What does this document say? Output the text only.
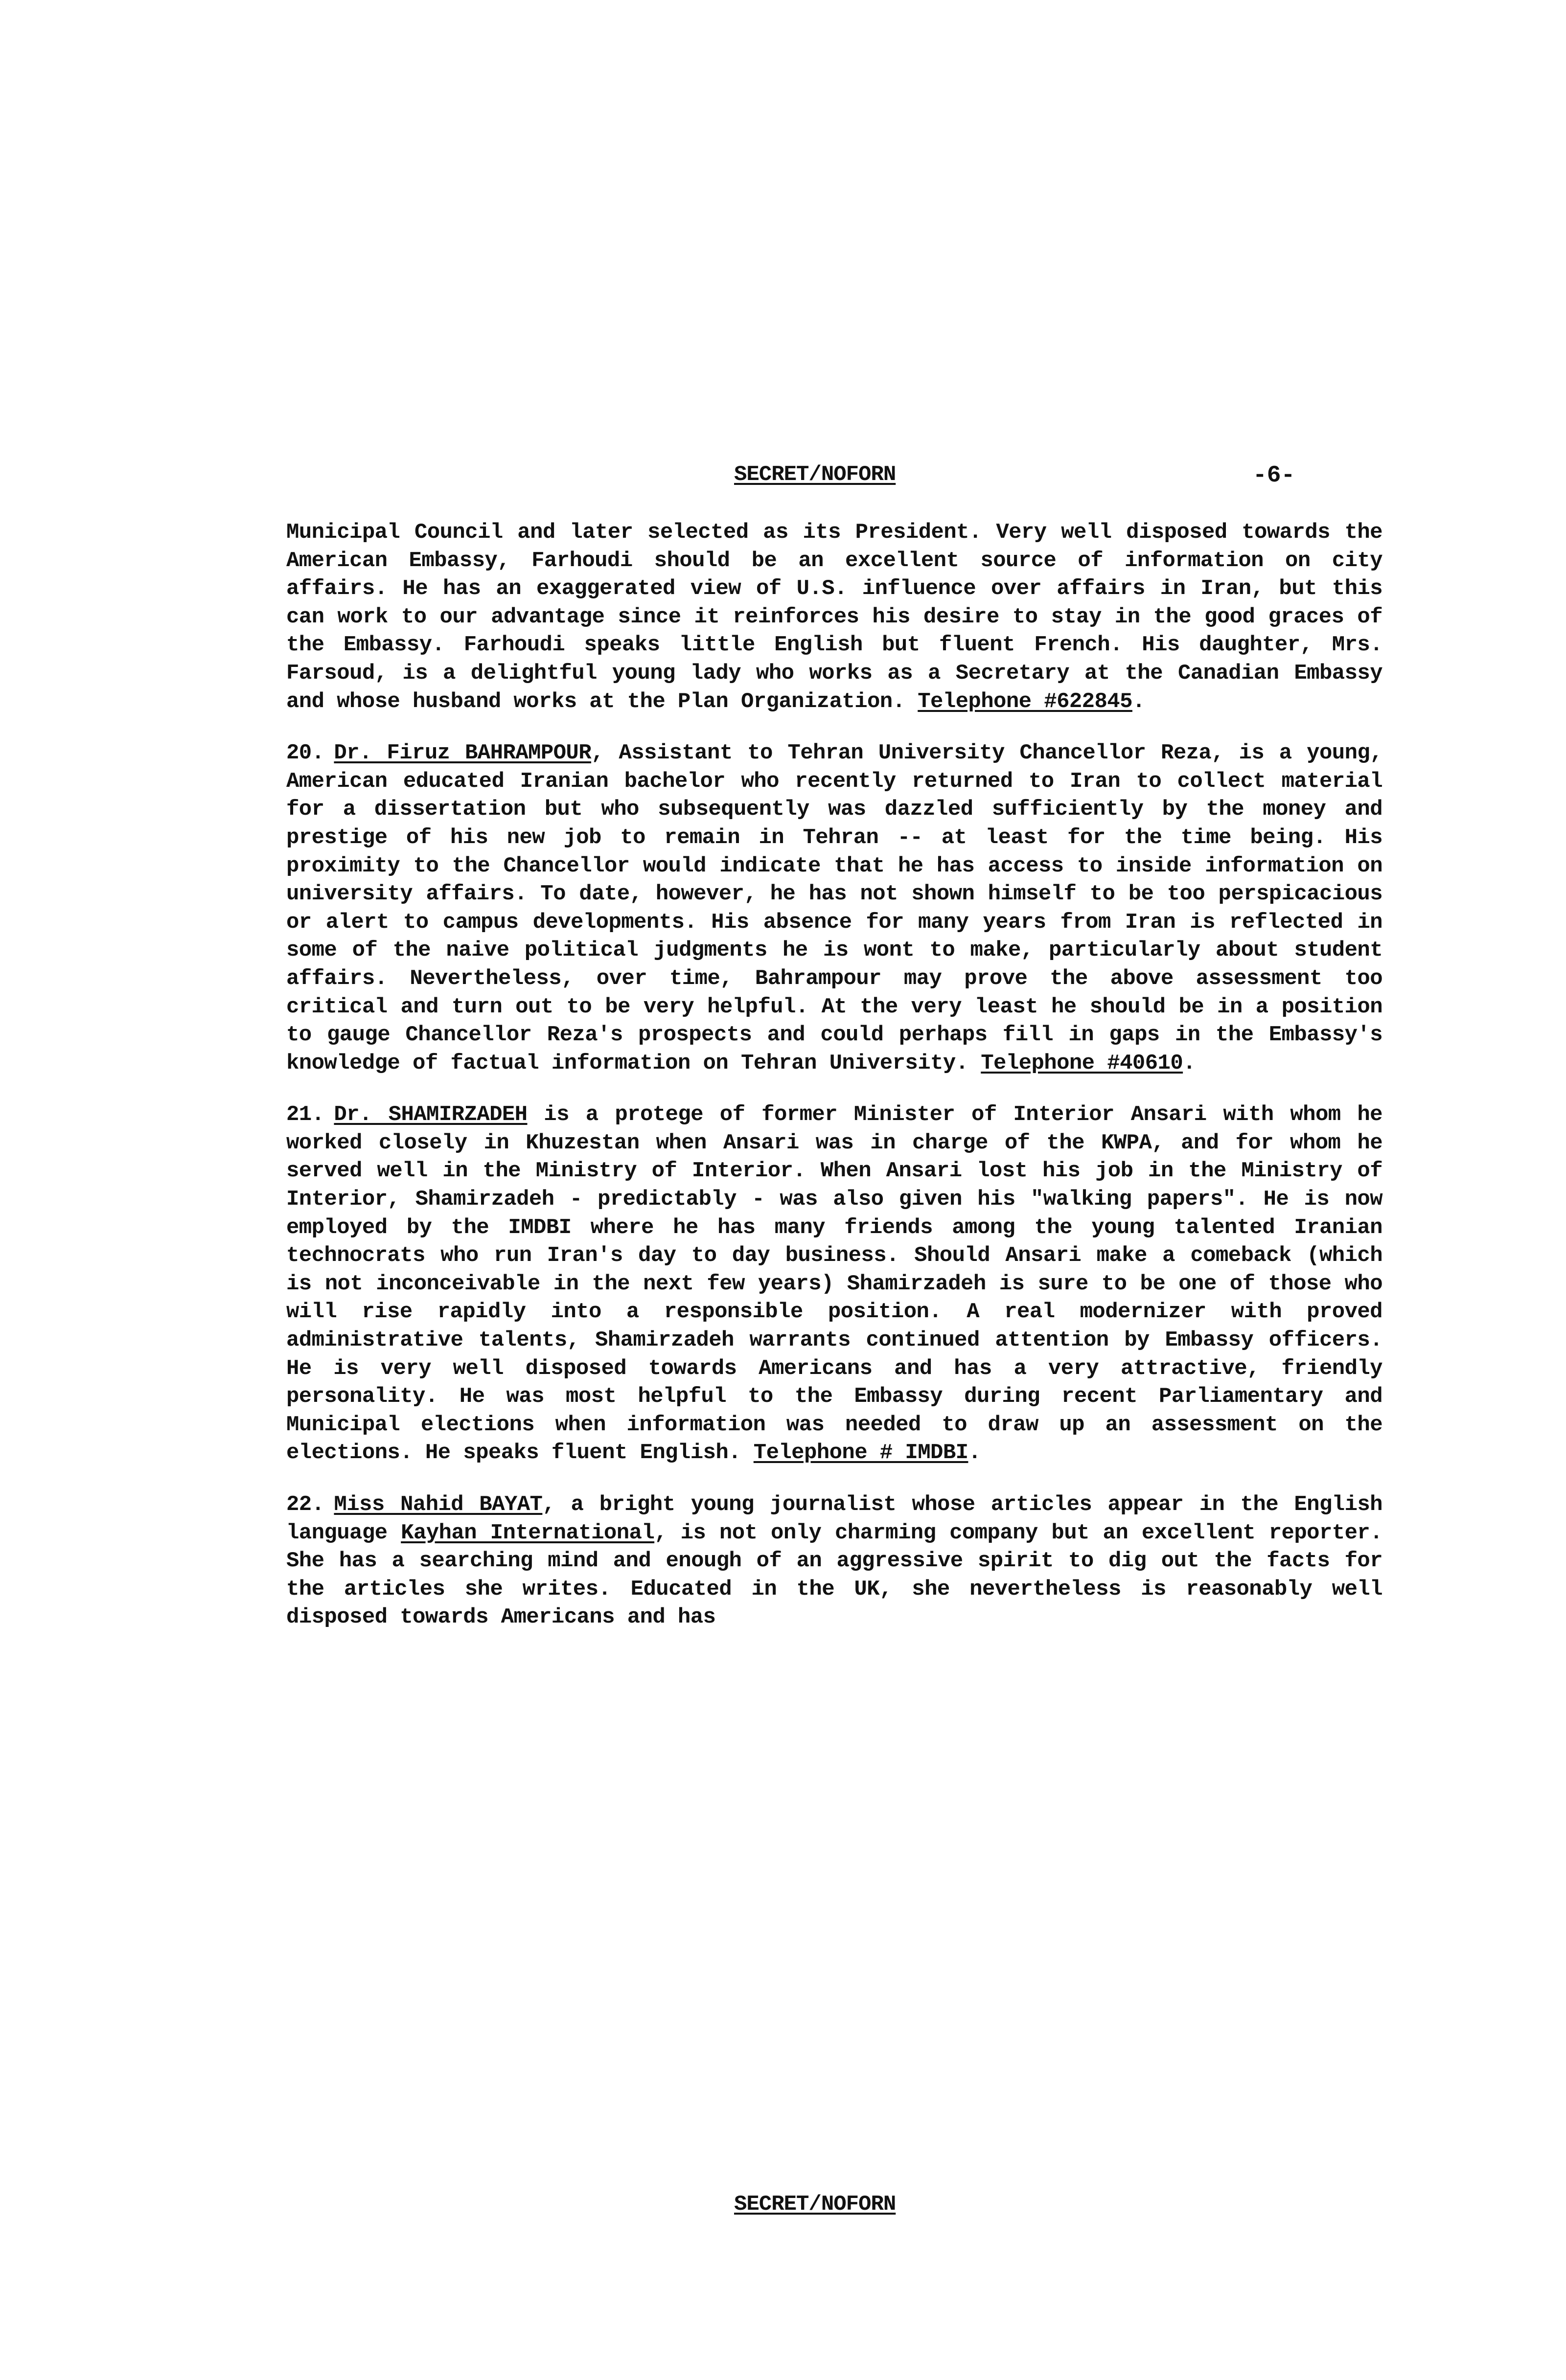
SECRET/NOFORN	-6-

Municipal Council and later selected as its President. Very well disposed towards the American Embassy, Farhoudi should be an excellent source of information on city affairs. He has an exaggerated view of U.S. influence over affairs in Iran, but this can work to our advantage since it reinforces his desire to stay in the good graces of the Embassy. Farhoudi speaks little English but fluent French. His daughter, Mrs. Farsoud, is a delightful young lady who works as a Secretary at the Canadian Embassy and whose husband works at the Plan Organization. Telephone #622845.

20. Dr. Firuz BAHRAMPOUR, Assistant to Tehran University Chancellor Reza, is a young, American educated Iranian bachelor who recently returned to Iran to collect material for a dissertation but who subsequently was dazzled sufficiently by the money and prestige of his new job to remain in Tehran -- at least for the time being. His proximity to the Chancellor would indicate that he has access to inside information on university affairs. To date, however, he has not shown himself to be too perspicacious or alert to campus developments. His absence for many years from Iran is reflected in some of the naive political judgments he is wont to make, particularly about student affairs. Nevertheless, over time, Bahrampour may prove the above assessment too critical and turn out to be very helpful. At the very least he should be in a position to gauge Chancellor Reza's prospects and could perhaps fill in gaps in the Embassy's knowledge of factual information on Tehran University. Telephone #40610.

21. Dr. SHAMIRZADEH is a protege of former Minister of Interior Ansari with whom he worked closely in Khuzestan when Ansari was in charge of the KWPA, and for whom he served well in the Ministry of Interior. When Ansari lost his job in the Ministry of Interior, Shamirzadeh - predictably - was also given his "walking papers". He is now employed by the IMDBI where he has many friends among the young talented Iranian technocrats who run Iran's day to day business. Should Ansari make a comeback (which is not inconceivable in the next few years) Shamirzadeh is sure to be one of those who will rise rapidly into a responsible position. A real modernizer with proved administrative talents, Shamirzadeh warrants continued attention by Embassy officers. He is very well disposed towards Americans and has a very attractive, friendly personality. He was most helpful to the Embassy during recent Parliamentary and Municipal elections when information was needed to draw up an assessment on the elections. He speaks fluent English. Telephone # IMDBI.

22. Miss Nahid BAYAT, a bright young journalist whose articles appear in the English language Kayhan International, is not only charming company but an excellent reporter. She has a searching mind and enough of an aggressive spirit to dig out the facts for the articles she writes. Educated in the UK, she nevertheless is reasonably well disposed towards Americans and has

SECRET/NOFORN
